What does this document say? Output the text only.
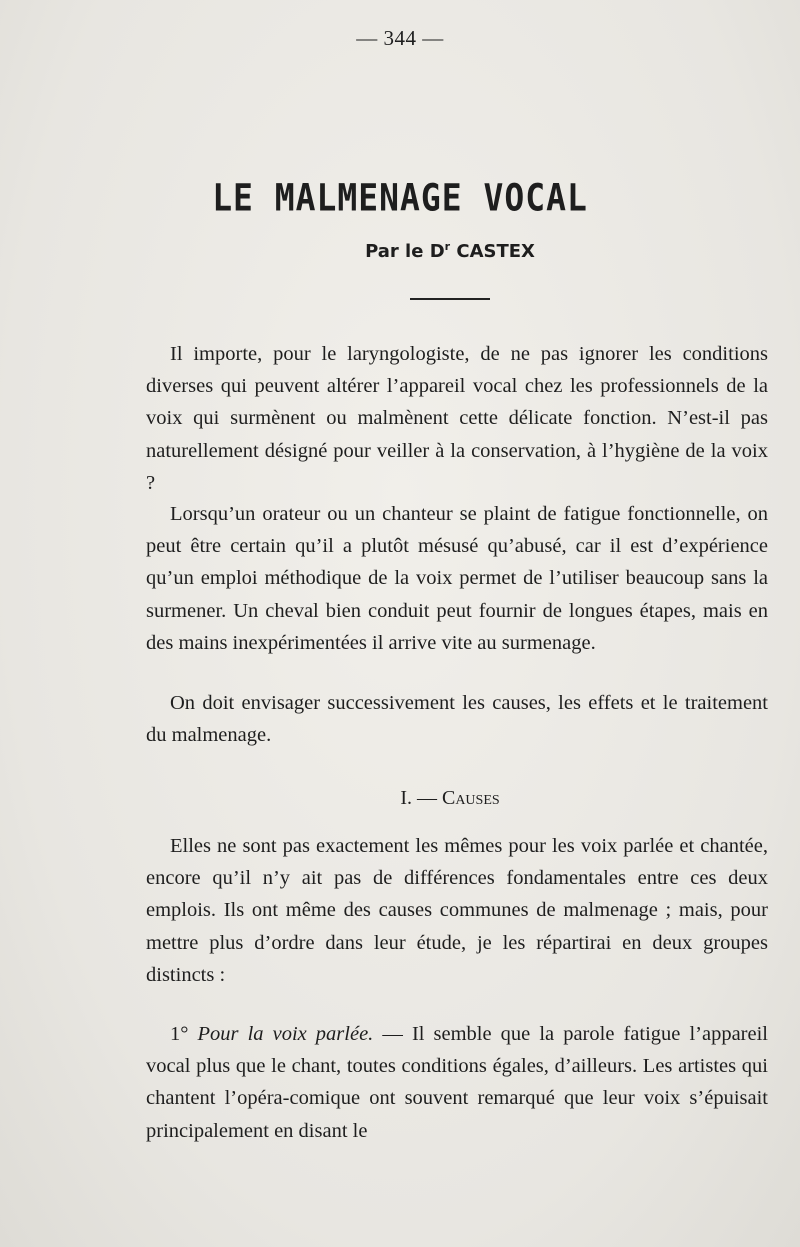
— 344 —
LE MALMENAGE VOCAL
Par le $D^r$ CASTEX

Il importe, pour le laryngologiste, de ne pas ignorer les conditions diverses qui peuvent altérer l’appareil vocal chez les professionnels de la voix qui surmènent ou malmènent cette délicate fonction. N’est-il pas naturellement désigné pour veiller à la conservation, à l’hygiène de la voix ?

Lorsqu’un orateur ou un chanteur se plaint de fatigue fonctionnelle, on peut être certain qu’il a plutôt mésusé qu’abusé, car il est d’expérience qu’un emploi méthodique de la voix permet de l’utiliser beaucoup sans la surmener. Un cheval bien conduit peut fournir de longues étapes, mais en des mains inexpérimentées il arrive vite au surmenage.

On doit envisager successivement les causes, les effets et le traitement du malmenage.

I. — Causes

Elles ne sont pas exactement les mêmes pour les voix parlée et chantée, encore qu’il n’y ait pas de différences fondamentales entre ces deux emplois. Ils ont même des causes communes de malmenage ; mais, pour mettre plus d’ordre dans leur étude, je les répartirai en deux groupes distincts :

1° Pour la voix parlée. — Il semble que la parole fatigue l’appareil vocal plus que le chant, toutes conditions égales, d’ailleurs. Les artistes qui chantent l’opéra-comique ont souvent remarqué que leur voix s’épuisait principalement en disant le
